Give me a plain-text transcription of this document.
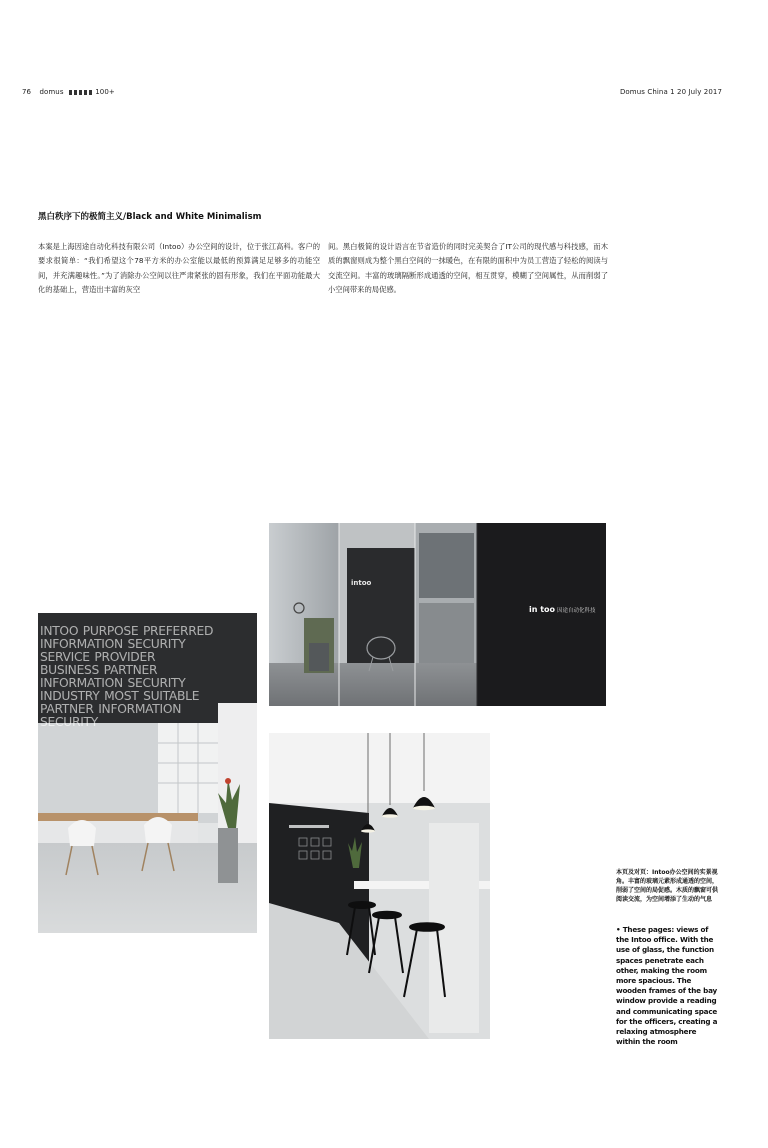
76 domus	100+	Domus China 1 20 July 2017
黑白秩序下的极简主义/Black and White Minimalism

本案是上海因途自动化科技有限公司（Intoo）办公空间的设计，位于张江高科。客户的要求很简单：“我们希望这个78平方米的办公室能以最低的预算满足足够多的功能空间，并充满趣味性。”为了消除办公空间以往严肃紧张的固有形象，我们在平面功能最大化的基础上，营造出丰富的灰空

间。黑白极简的设计语言在节省造价的同时完美契合了IT公司的现代感与科技感，而木质的飘窗则成为整个黑白空间的一抹暖色，在有限的面积中为员工营造了轻松的阅读与交流空间。丰富的玻璃隔断形成通透的空间，相互贯穿，模糊了空间属性，从而削弱了小空间带来的局促感。

intoo
in too 因途自动化科技
INTOO PURPOSE PREFERRED INFORMATION SECURITY SERVICE PROVIDER BUSINESS PARTNER INFORMATION SECURITY INDUSTRY MOST SUITABLE PARTNER INFORMATION SECURITY
本页及对页：Intoo办公空间的实景视角。丰富的玻璃元素形成通透的空间，削弱了空间的局促感。木质的飘窗可供阅读交流，为空间增添了生动的气息
• These pages: views of the Intoo office. With the use of glass, the function spaces penetrate each other, making the room more spacious. The wooden frames of the bay window provide a reading and communicating space for the officers, creating a relaxing atmosphere within the room
